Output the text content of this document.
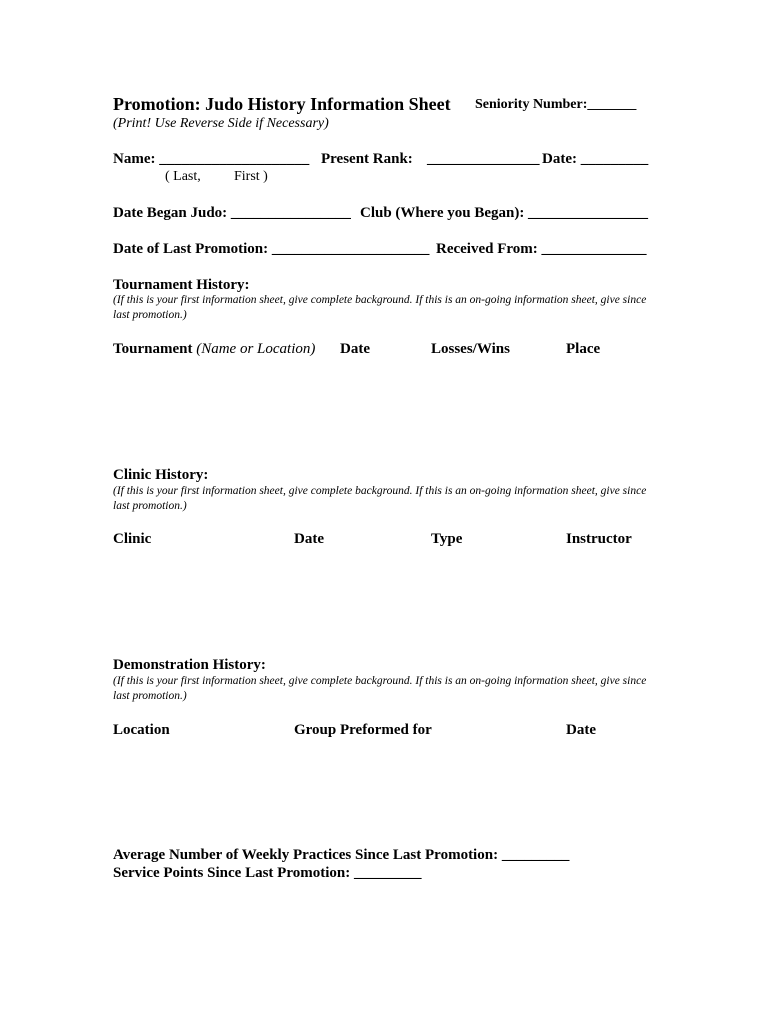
Promotion: Judo History Information Sheet Seniority Number:_______
(Print! Use Reverse Side if Necessary)
Name: ____________________ Present Rank: _______________ Date: _________
( Last, First )
Date Began Judo: ________________ Club (Where you Began): ________________
Date of Last Promotion: _____________________ Received From: ______________
Tournament History:
(If this is your first information sheet, give complete background. If this is an on-going information sheet, give since last promotion.)
Tournament (Name or Location) Date	Losses/Wins	Place
Clinic History:
(If this is your first information sheet, give complete background. If this is an on-going information sheet, give since last promotion.)
Clinic	Date	Type	Instructor
Demonstration History:
(If this is your first information sheet, give complete background. If this is an on-going information sheet, give since last promotion.)
Location	Group Preformed for	Date
Average Number of Weekly Practices Since Last Promotion: _________
Service Points Since Last Promotion: _________
